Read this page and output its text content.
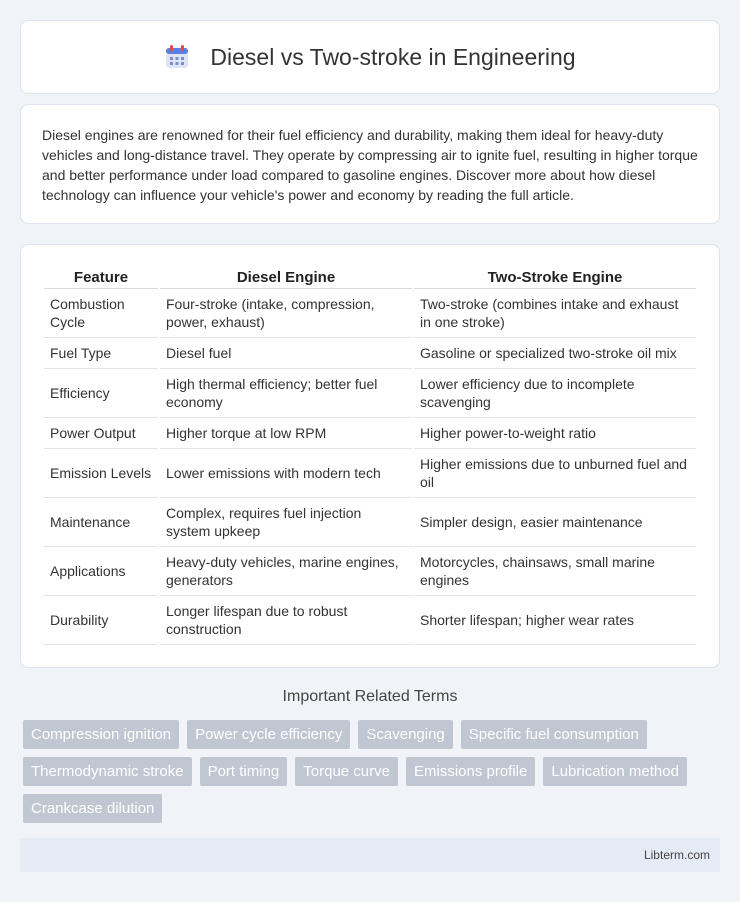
Diesel vs Two-stroke in Engineering

Diesel engines are renowned for their fuel efficiency and durability, making them ideal for heavy-duty vehicles and long-distance travel. They operate by compressing air to ignite fuel, resulting in higher torque and better performance under load compared to gasoline engines. Discover more about how diesel technology can influence your vehicle's power and economy by reading the full article.

Feature	Diesel Engine	Two-Stroke Engine
Combustion Cycle	Four-stroke (intake, compression, power, exhaust)	Two-stroke (combines intake and exhaust in one stroke)
Fuel Type	Diesel fuel	Gasoline or specialized two-stroke oil mix
Efficiency	High thermal efficiency; better fuel economy	Lower efficiency due to incomplete scavenging
Power Output	Higher torque at low RPM	Higher power-to-weight ratio
Emission Levels	Lower emissions with modern tech	Higher emissions due to unburned fuel and oil
Maintenance	Complex, requires fuel injection system upkeep	Simpler design, easier maintenance
Applications	Heavy-duty vehicles, marine engines, generators	Motorcycles, chainsaws, small marine engines
Durability	Longer lifespan due to robust construction	Shorter lifespan; higher wear rates
Important Related Terms
Compression ignition	Power cycle efficiency	Scavenging	Specific fuel consumption
Thermodynamic stroke	Port timing	Torque curve	Emissions profile	Lubrication method
Crankcase dilution
Libterm.com
